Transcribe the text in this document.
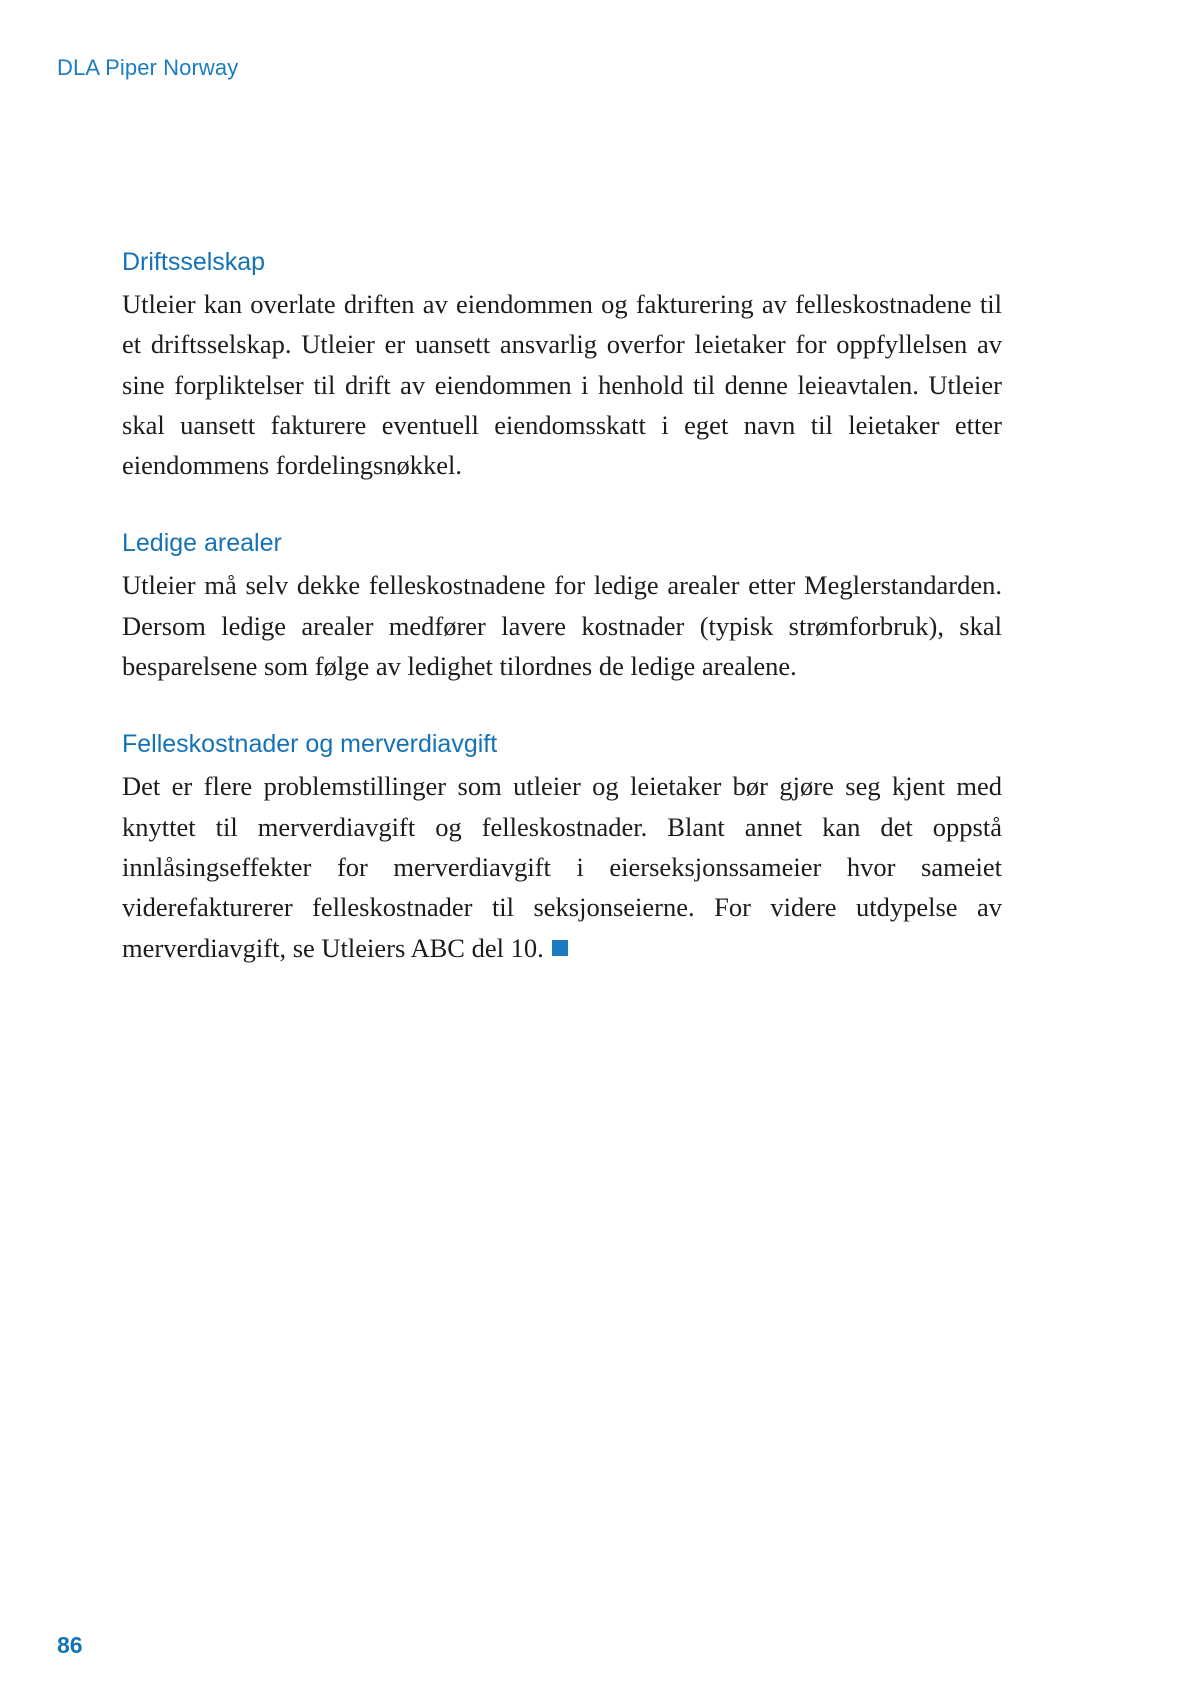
DLA Piper Norway
Driftsselskap

Utleier kan overlate driften av eiendommen og fakturering av felleskostnadene til et driftsselskap. Utleier er uansett ansvarlig overfor leietaker for oppfyllelsen av sine forpliktelser til drift av eiendommen i henhold til denne leieavtalen. Utleier skal uansett fakturere eventuell eiendomsskatt i eget navn til leietaker etter eiendommens fordelingsnøkkel.

Ledige arealer

Utleier må selv dekke felleskostnadene for ledige arealer etter Meglerstandarden. Dersom ledige arealer medfører lavere kostnader (typisk strømforbruk), skal besparelsene som følge av ledighet tilordnes de ledige arealene.

Felleskostnader og merverdiavgift

Det er flere problemstillinger som utleier og leietaker bør gjøre seg kjent med knyttet til merverdiavgift og felleskostnader. Blant annet kan det oppstå innlåsingseffekter for merverdiavgift i eierseksjonssameier hvor sameiet viderefakturerer felleskostnader til seksjonseierne. For videre utdypelse av merverdiavgift, se Utleiers ABC del 10.

86
